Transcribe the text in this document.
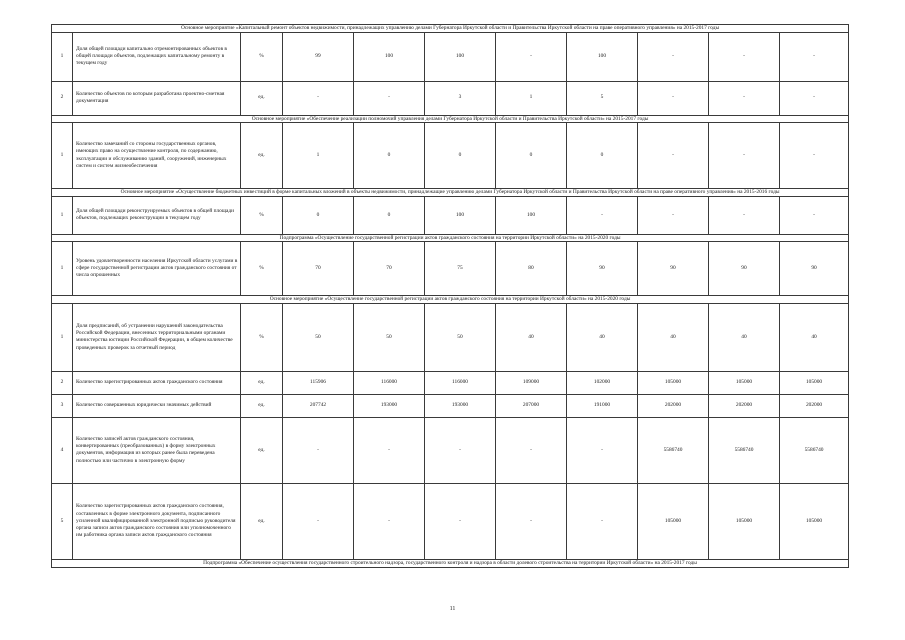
Основное мероприятие «Капитальный ремонт объектов недвижимости, принадлежащих управлению делами Губернатора Иркутской области и Правительства Иркутской области на праве оперативного управления» на 2015-2017 годы										
1	Доля общей площади капитально отремонтированных объектов в общей площади объектов, подлежащих капитальному ремонту в текущем году	%	99	100	100	-	100	-	-	-
2	Количество объектов по которым разработана проектно-сметная документация	ед.	-	-	3	1	5	-	-	-
Основное мероприятие «Обеспечение реализации полномочий управления делами Губернатора Иркутской области и Правительства Иркутской области» на 2015-2017 годы										
1	Количество замечаний со стороны государственных органов, имеющих право на осуществление контроля, по содержанию, эксплуатации и обслуживанию зданий, сооружений, инженерных систем и систем жизнеобеспечения	ед.	1	0	0	0	0	-	-	-
Основное мероприятие «Осуществление бюджетных инвестиций в форме капитальных вложений в объекты недвижимости, принадлежащие управлению делами Губернатора Иркутской области и Правительства Иркутской области на праве оперативного управления» на 2015-2016 годы										
1	Доля общей площади реконструируемых объектов в общей площади объектов, подлежащих реконструкции в текущем году	%	0	0	100	100	-	-	-	-
Подпрограмма «Осуществление государственной регистрации актов гражданского состояния на территории Иркутской области» на 2015-2020 годы										
1	Уровень удовлетворенности населения Иркутской области услугами в сфере государственной регистрации актов гражданского состояния от числа опрошенных	%	70	70	75	80	90	90	90	90
Основное мероприятие «Осуществление государственной регистрации актов гражданского состояния на территории Иркутской области» на 2015-2020 годы										
1	Доля предписаний, об устранении нарушений законодательства Российской Федерации, внесенных территориальными органами министерства юстиции Российской Федерации, в общем количестве проведенных проверок за отчетный период	%	50	50	50	40	40	40	40	40
2	Количество зарегистрированных актов гражданского состояния	ед.	115906	116000	116000	109000	102000	105000	105000	105000
3	Количество совершенных юридически значимых действий	ед.	207742	193000	193000	207000	191000	202000	202000	202000
4	Количество записей актов гражданского состояния, конвертированных (преобразованных) в форму электронных документов, информация из которых ранее была переведена полностью или частично в электронную форму	ед.	-	-	-	-	-	5586740	5586740	5586740
5	Количество зарегистрированных актов гражданского состояния, составленных в форме электронного документа, подписанного усиленной квалифицированной электронной подписью руководителя органа записи актов гражданского состояния или уполномоченного им работника органа записи актов гражданского состояния	ед.	-	-	-	-	-	105000	105000	105000
Подпрограмма «Обеспечение осуществления государственного строительного надзора, государственного контроля и надзора в области долевого строительства на территории Иркутской области» на 2015-2017 годы										
11
